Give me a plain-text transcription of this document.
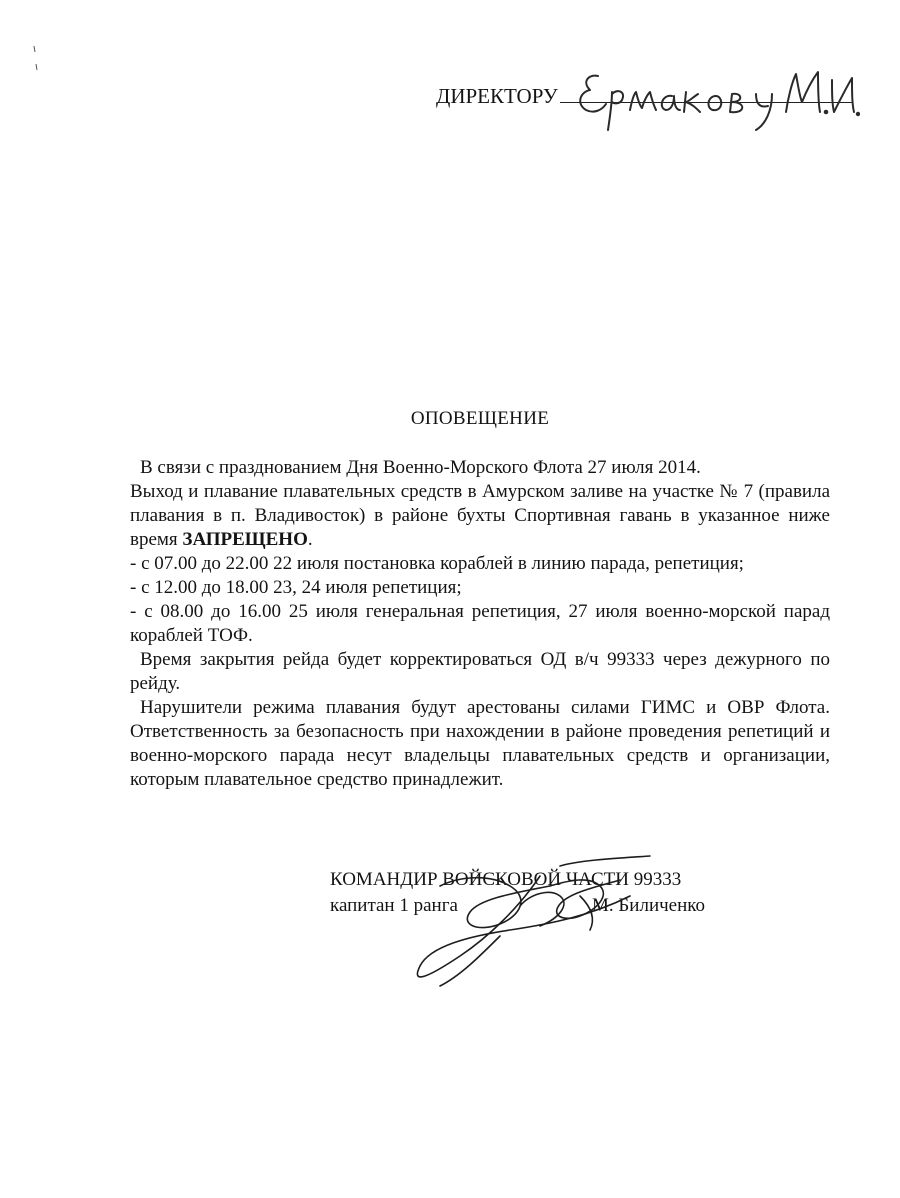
ДИРЕКТОРУ
ОПОВЕЩЕНИЕ

В связи с празднованием Дня Военно-Морского Флота 27 июля 2014.

Выход и плавание плавательных средств в Амурском заливе на участке № 7 (правила плавания в п. Владивосток) в районе бухты Спортивная гавань в указанное ниже время ЗАПРЕЩЕНО.

- с 07.00 до 22.00 22 июля постановка кораблей в линию парада, репетиция;

- с 12.00 до 18.00 23, 24 июля репетиция;

- с 08.00 до 16.00 25 июля генеральная репетиция, 27 июля военно-морской парад кораблей ТОФ.

Время закрытия рейда будет корректироваться ОД в/ч 99333 через дежурного по рейду.

Нарушители режима плавания будут арестованы силами ГИМС и ОВР Флота. Ответственность за безопасность при нахождении в районе проведения репетиций и военно-морского парада несут владельцы плавательных средств и организации, которым плавательное средство принадлежит.

КОМАНДИР ВОЙСКОВОЙ ЧАСТИ 99333
капитан 1 ранга	М. Биличенко
